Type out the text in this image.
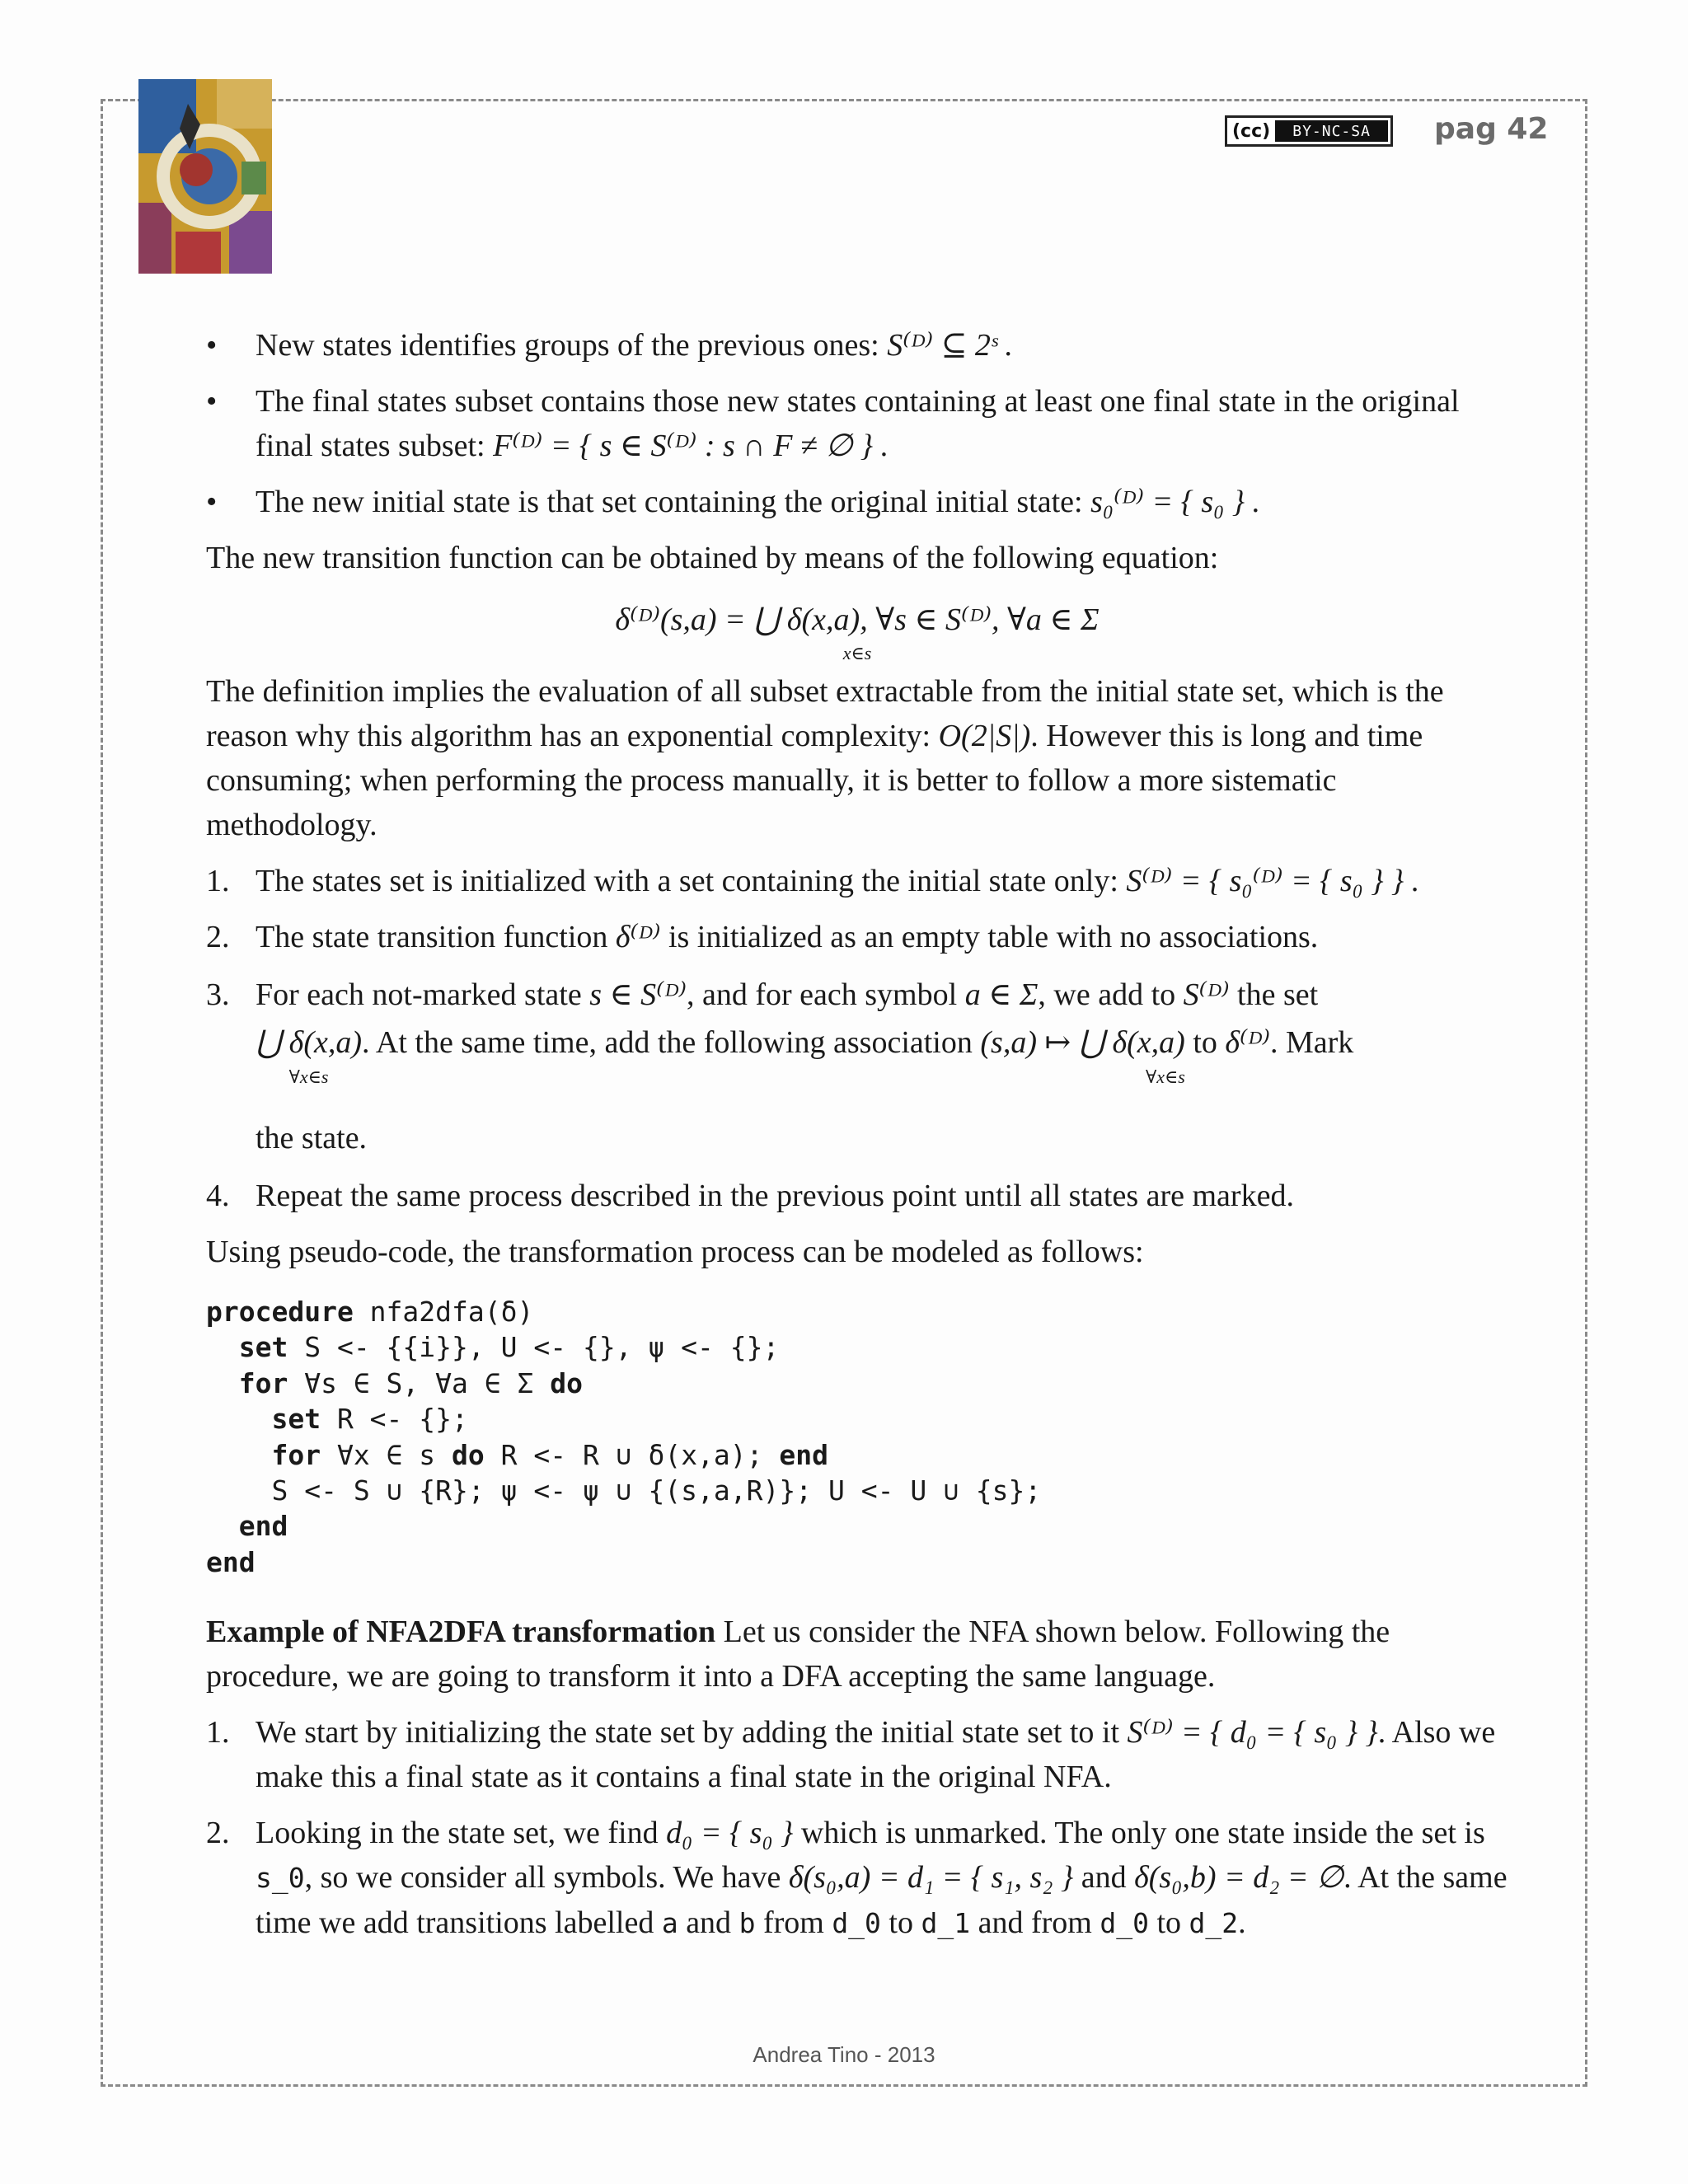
(cc)	BY-NC-SA	pag 42
• New states identifies groups of the previous ones: S⁽ᴰ⁾ ⊆ 2ˢ .
• The final states subset contains those new states containing at least one final state in the original final states subset: F⁽ᴰ⁾ = { s ∈ S⁽ᴰ⁾ : s ∩ F ≠ ∅ } .
• The new initial state is that set containing the original initial state: s₀⁽ᴰ⁾ = { s₀ } .

The new transition function can be obtained by means of the following equation:

δ⁽ᴰ⁾(s,a) = ⋃ δ(x,a), ∀s ∈ S⁽ᴰ⁾, ∀a ∈ Σ
x∈s

The definition implies the evaluation of all subset extractable from the initial state set, which is the reason why this algorithm has an exponential complexity: O(2|S|). However this is long and time consuming; when performing the process manually, it is better to follow a more sistematic methodology.

1. The states set is initialized with a set containing the initial state only: S⁽ᴰ⁾ = { s₀⁽ᴰ⁾ = { s₀ } } .
2. The state transition function δ⁽ᴰ⁾ is initialized as an empty table with no associations.
3. For each not-marked state s ∈ S⁽ᴰ⁾, and for each symbol a ∈ Σ, we add to S⁽ᴰ⁾ the set
⋃ δ(x,a)
∀x∈s
. At the same time, add the following association (s,a) ↦ ⋃ δ(x,a)
∀x∈s
to δ⁽ᴰ⁾. Mark
the state.
4. Repeat the same process described in the previous point until all states are marked.

Using pseudo-code, the transformation process can be modeled as follows:

procedure nfa2dfa(δ)
set S <- {{i}}, U <- {}, ψ <- {};
for ∀s ∈ S, ∀a ∈ Σ do
set R <- {};
for ∀x ∈ s do R <- R ∪ δ(x,a); end
S <- S ∪ {R}; ψ <- ψ ∪ {(s,a,R)}; U <- U ∪ {s};
end
end

Example of NFA2DFA transformation Let us consider the NFA shown below. Following the procedure, we are going to transform it into a DFA accepting the same language.

1. We start by initializing the state set by adding the initial state set to it S⁽ᴰ⁾ = { d₀ = { s₀ } }. Also we make this a final state as it contains a final state in the original NFA.
2. Looking in the state set, we find d₀ = { s₀ } which is unmarked. The only one state inside the set is s_0, so we consider all symbols. We have δ(s₀,a) = d₁ = { s₁, s₂ } and δ(s₀,b) = d₂ = ∅. At the same time we add transitions labelled a and b from d_0 to d_1 and from d_0 to d_2.
Andrea Tino - 2013
